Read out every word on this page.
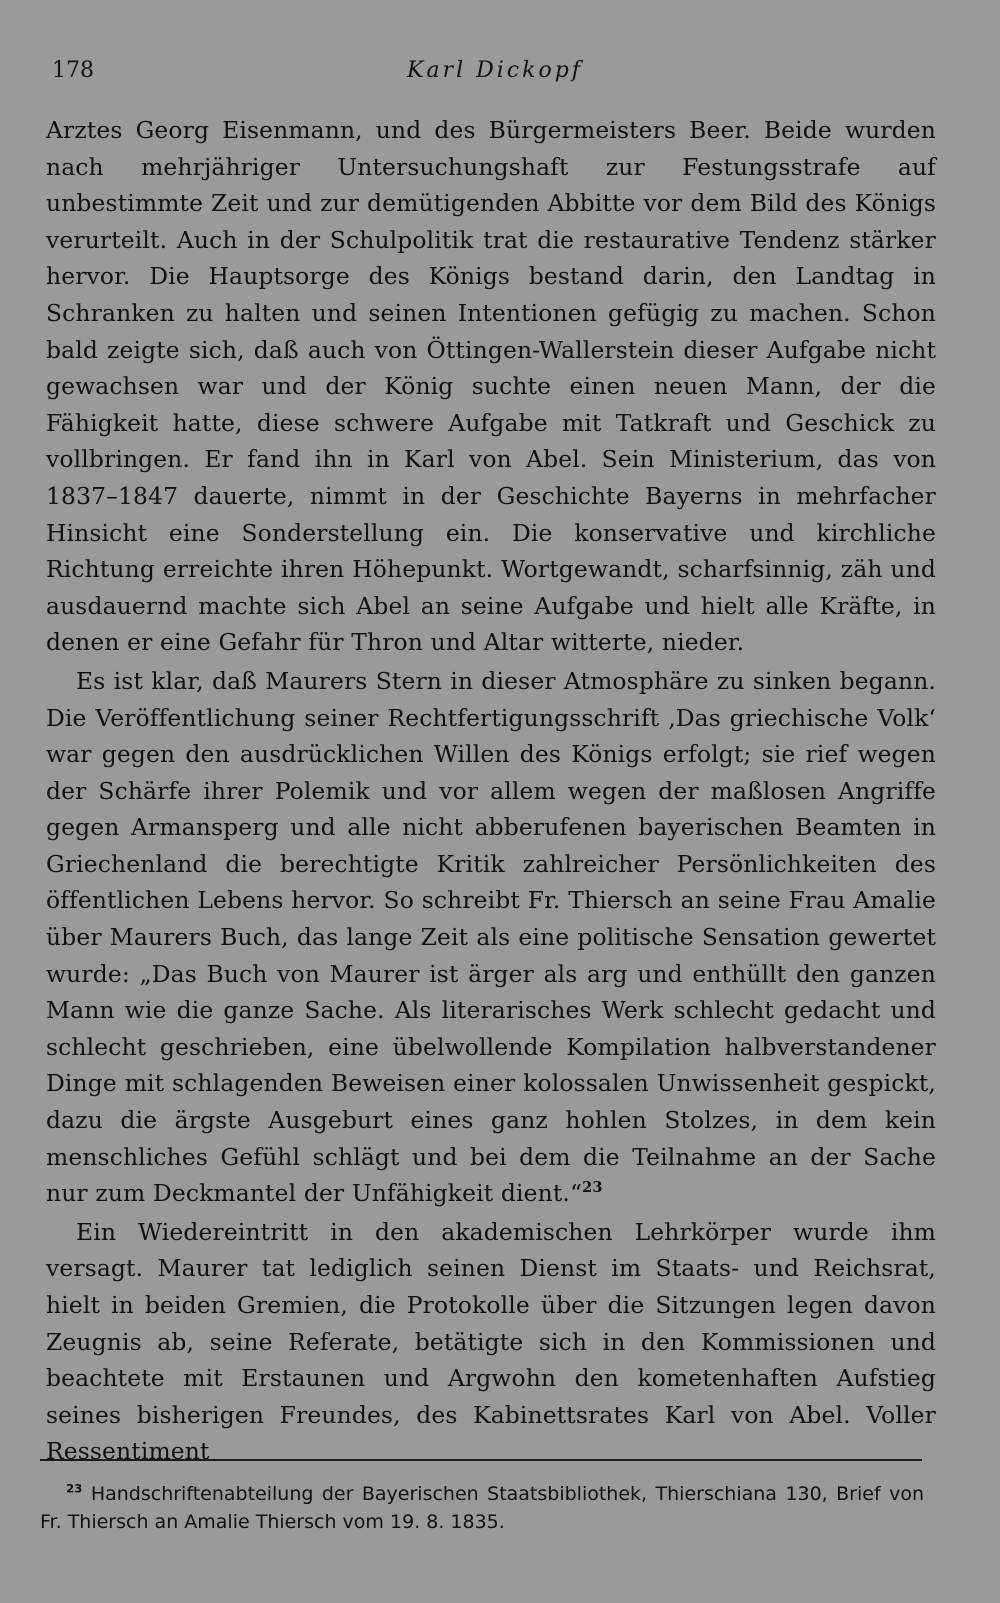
178	Karl Dickopf

Arztes Georg Eisenmann, und des Bürgermeisters Beer. Beide wurden nach mehrjähriger Untersuchungshaft zur Festungsstrafe auf unbestimmte Zeit und zur demütigenden Abbitte vor dem Bild des Königs verurteilt. Auch in der Schulpolitik trat die restaurative Tendenz stärker hervor. Die Hauptsorge des Königs bestand darin, den Landtag in Schranken zu halten und seinen Intentionen gefügig zu machen. Schon bald zeigte sich, daß auch von Öttingen-Wallerstein dieser Aufgabe nicht gewachsen war und der König suchte einen neuen Mann, der die Fähigkeit hatte, diese schwere Aufgabe mit Tatkraft und Geschick zu vollbringen. Er fand ihn in Karl von Abel. Sein Ministerium, das von 1837–1847 dauerte, nimmt in der Geschichte Bayerns in mehrfacher Hinsicht eine Sonderstellung ein. Die konservative und kirchliche Richtung erreichte ihren Höhepunkt. Wortgewandt, scharfsinnig, zäh und ausdauernd machte sich Abel an seine Aufgabe und hielt alle Kräfte, in denen er eine Gefahr für Thron und Altar witterte, nieder.

Es ist klar, daß Maurers Stern in dieser Atmosphäre zu sinken begann. Die Veröffentlichung seiner Rechtfertigungsschrift ‚Das griechische Volk‘ war gegen den ausdrücklichen Willen des Königs erfolgt; sie rief wegen der Schärfe ihrer Polemik und vor allem wegen der maßlosen Angriffe gegen Armansperg und alle nicht abberufenen bayerischen Beamten in Griechenland die berechtigte Kritik zahlreicher Persönlichkeiten des öffentlichen Lebens hervor. So schreibt Fr. Thiersch an seine Frau Amalie über Maurers Buch, das lange Zeit als eine politische Sensation gewertet wurde: „Das Buch von Maurer ist ärger als arg und enthüllt den ganzen Mann wie die ganze Sache. Als literarisches Werk schlecht gedacht und schlecht geschrieben, eine übelwollende Kompilation halbverstandener Dinge mit schlagenden Beweisen einer kolossalen Unwissenheit gespickt, dazu die ärgste Ausgeburt eines ganz hohlen Stolzes, in dem kein menschliches Gefühl schlägt und bei dem die Teilnahme an der Sache nur zum Deckmantel der Unfähigkeit dient.“$^{23}$

Ein Wiedereintritt in den akademischen Lehrkörper wurde ihm versagt. Maurer tat lediglich seinen Dienst im Staats- und Reichsrat, hielt in beiden Gremien, die Protokolle über die Sitzungen legen davon Zeugnis ab, seine Referate, betätigte sich in den Kommissionen und beachtete mit Erstaunen und Argwohn den kometenhaften Aufstieg seines bisherigen Freundes, des Kabinettsrates Karl von Abel. Voller Ressentiment

$^{23}$ Handschriftenabteilung der Bayerischen Staatsbibliothek, Thierschiana 130, Brief von Fr. Thiersch an Amalie Thiersch vom 19. 8. 1835.
